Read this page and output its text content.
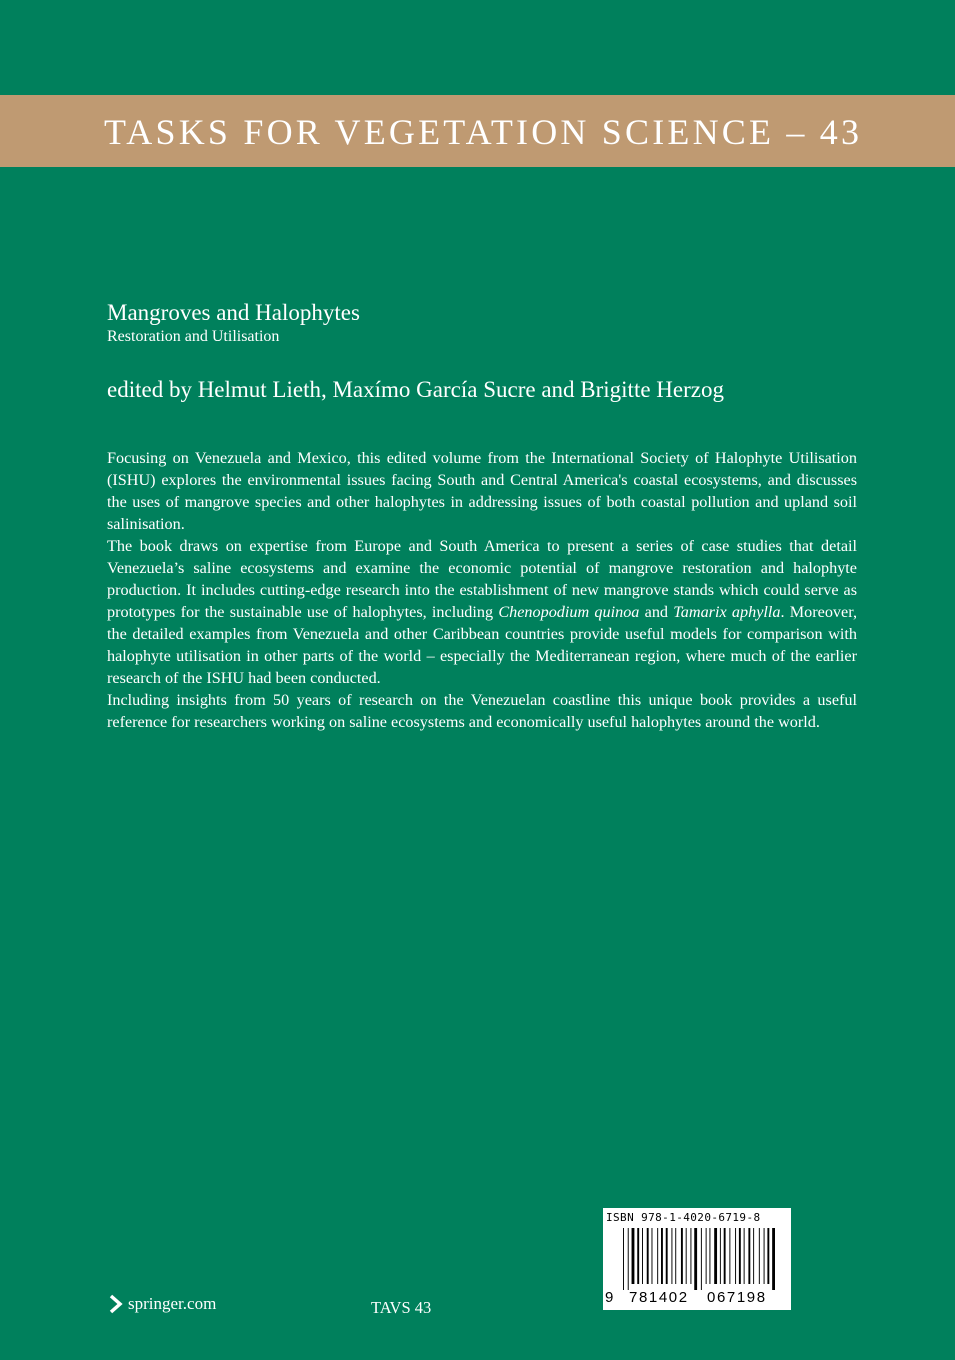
TASKS FOR VEGETATION SCIENCE – 43
Mangroves and Halophytes
Restoration and Utilisation
edited by Helmut Lieth, Maxímo García Sucre and Brigitte Herzog

Focusing on Venezuela and Mexico, this edited volume from the International Society of Halophyte Utilisation (ISHU) explores the environmental issues facing South and Central America's coastal ecosystems, and discusses the uses of mangrove species and other halophytes in addressing issues of both coastal pollution and upland soil salinisation.

The book draws on expertise from Europe and South America to present a series of case studies that detail Venezuela’s saline ecosystems and examine the economic potential of mangrove restoration and halophyte production. It includes cutting-edge research into the establishment of new mangrove stands which could serve as prototypes for the sustainable use of halophytes, including Chenopodium quinoa and Tamarix aphylla. Moreover, the detailed examples from Venezuela and other Caribbean countries provide useful models for comparison with halophyte utilisation in other parts of the world – especially the Mediterranean region, where much of the earlier research of the ISHU had been conducted.

Including insights from 50 years of research on the Venezuelan coastline this unique book provides a useful reference for researchers working on saline ecosystems and economically useful halophytes around the world.

springer.com	TAVS 43
ISBN 978-1-4020-6719-8
9 781402 067198
